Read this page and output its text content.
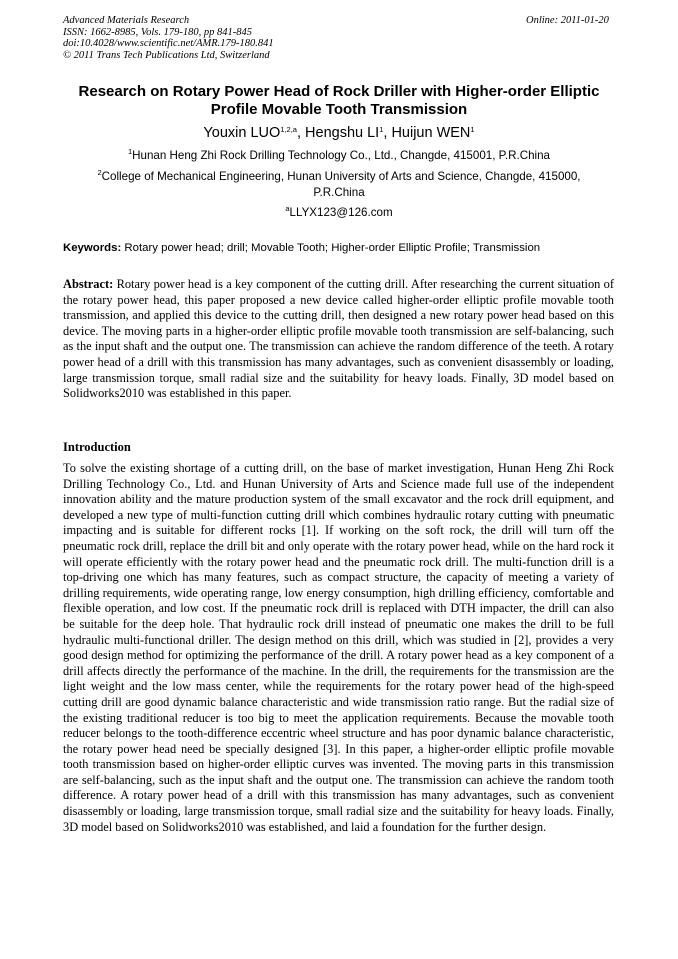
Advanced Materials Research
ISSN: 1662-8985, Vols. 179-180, pp 841-845
doi:10.4028/www.scientific.net/AMR.179-180.841
© 2011 Trans Tech Publications Ltd, Switzerland
Online: 2011-01-20
Research on Rotary Power Head of Rock Driller with Higher-order Elliptic
Profile Movable Tooth Transmission
Youxin LUO$^{1,2,a}$, Hengshu $LI^1$, Huijun WEN$^1$
$^1$Hunan Heng Zhi Rock Drilling Technology Co., Ltd., Changde, 415001, P.R.China
$^2$College of Mechanical Engineering, Hunan University of Arts and Science, Changde, 415000,
P.R.China
$^a$LLYX123@126.com
Keywords: Rotary power head; drill; Movable Tooth; Higher-order Elliptic Profile; Transmission
Abstract: Rotary power head is a key component of the cutting drill. After researching the current situation of the rotary power head, this paper proposed a new device called higher-order elliptic profile movable tooth transmission, and applied this device to the cutting drill, then designed a new rotary power head based on this device. The moving parts in a higher-order elliptic profile movable tooth transmission are self-balancing, such as the input shaft and the output one. The transmission can achieve the random difference of the teeth. A rotary power head of a drill with this transmission has many advantages, such as convenient disassembly or loading, large transmission torque, small radial size and the suitability for heavy loads. Finally, 3D model based on Solidworks2010 was established in this paper.
Introduction
To solve the existing shortage of a cutting drill, on the base of market investigation, Hunan Heng Zhi Rock Drilling Technology Co., Ltd. and Hunan University of Arts and Science made full use of the independent innovation ability and the mature production system of the small excavator and the rock drill equipment, and developed a new type of multi-function cutting drill which combines hydraulic rotary cutting with pneumatic impacting and is suitable for different rocks [1]. If working on the soft rock, the drill will turn off the pneumatic rock drill, replace the drill bit and only operate with the rotary power head, while on the hard rock it will operate efficiently with the rotary power head and the pneumatic rock drill. The multi-function drill is a top-driving one which has many features, such as compact structure, the capacity of meeting a variety of drilling requirements, wide operating range, low energy consumption, high drilling efficiency, comfortable and flexible operation, and low cost. If the pneumatic rock drill is replaced with DTH impacter, the drill can also be suitable for the deep hole. That hydraulic rock drill instead of pneumatic one makes the drill to be full hydraulic multi-functional driller. The design method on this drill, which was studied in [2], provides a very good design method for optimizing the performance of the drill. A rotary power head as a key component of a drill affects directly the performance of the machine. In the drill, the requirements for the transmission are the light weight and the low mass center, while the requirements for the rotary power head of the high-speed cutting drill are good dynamic balance characteristic and wide transmission ratio range. But the radial size of the existing traditional reducer is too big to meet the application requirements. Because the movable tooth reducer belongs to the tooth-difference eccentric wheel structure and has poor dynamic balance characteristic, the rotary power head need be specially designed [3]. In this paper, a higher-order elliptic profile movable tooth transmission based on higher-order elliptic curves was invented. The moving parts in this transmission are self-balancing, such as the input shaft and the output one. The transmission can achieve the random tooth difference. A rotary power head of a drill with this transmission has many advantages, such as convenient disassembly or loading, large transmission torque, small radial size and the suitability for heavy loads. Finally, 3D model based on Solidworks2010 was established, and laid a foundation for the further design.
